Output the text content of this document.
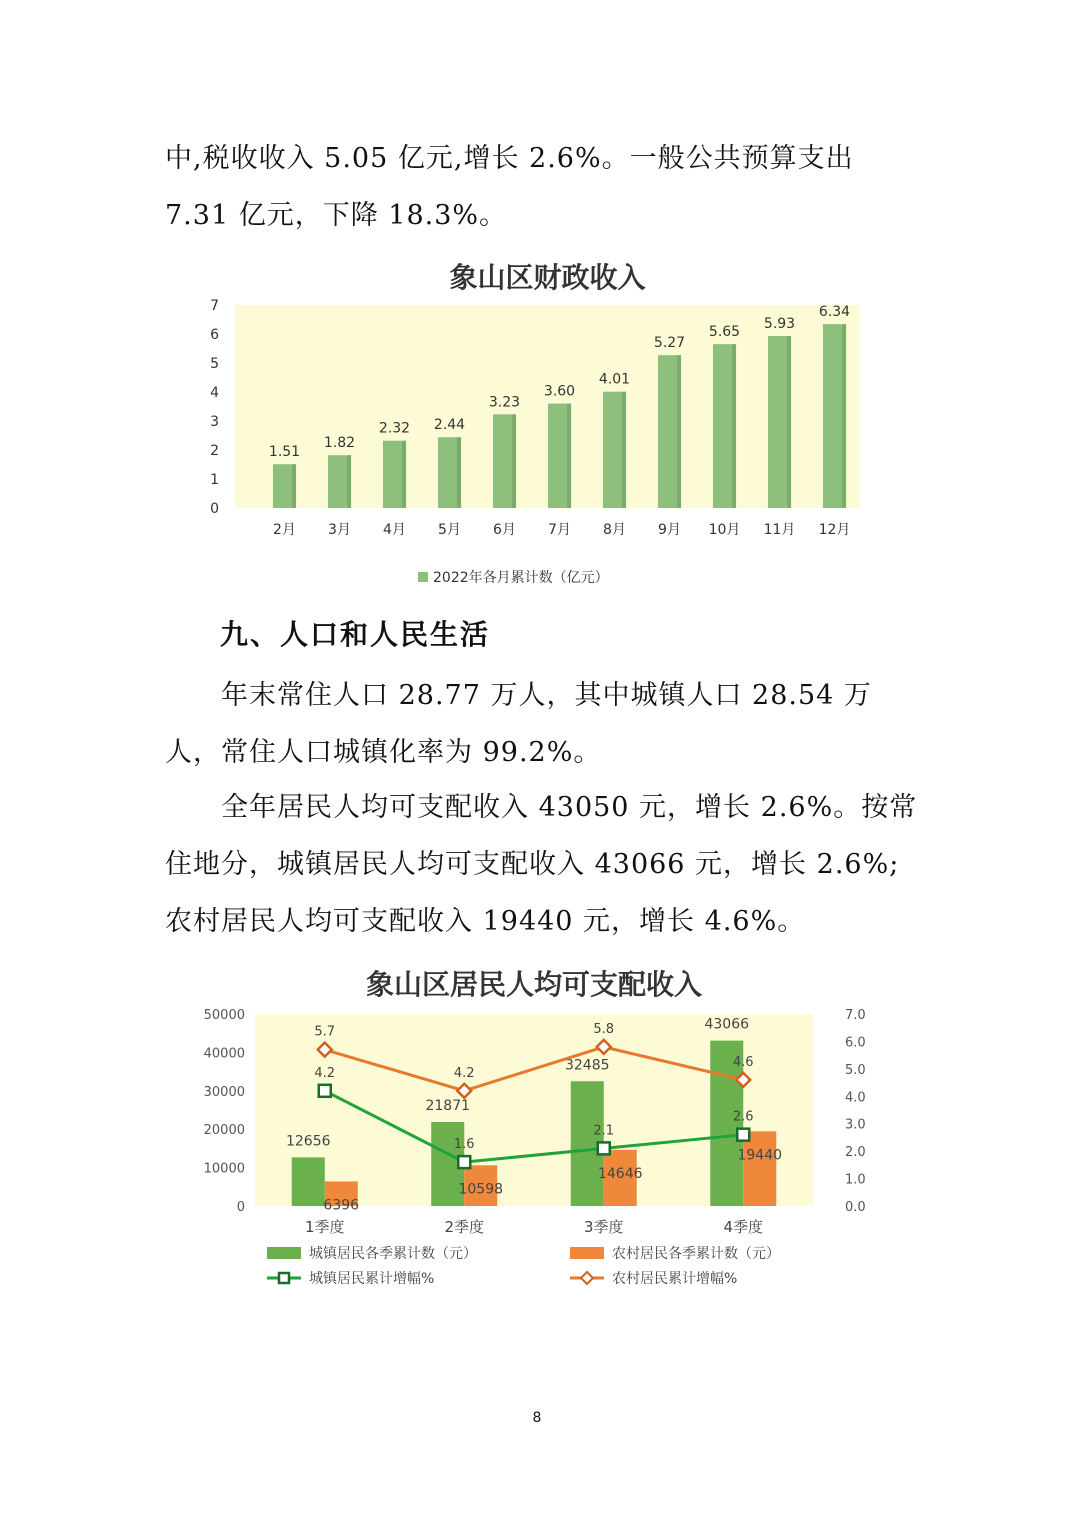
中,税收收入 5.05 亿元,增长 2.6%。一般公共预算支出 7.31 亿元，下降 18.3%。

1.51
1.82
2.32 2.44
3.23
3.60
4.01
5.27
5.65
5.93
6.34
0
1
2
3
4
5
6
7
2月 3月 4月 5月 6月 7月 8月 9月 10月 11月 12月
2022年各月累计数（亿元）
象山区财政收入

九、人口和人民生活

年末常住人口 28.77 万人，其中城镇人口 28.54 万人，常住人口城镇化率为 99.2%。

全年居民人均可支配收入 43050 元，增长 2.6%。按常住地分，城镇居民人均可支配收入 43066 元，增长 2.6%; 农村居民人均可支配收入 19440 元，增长 4.6%。

12656
6396
21871
10598
32485
14646
43066
19440
4.2
1.6
2.1
2.6
5.7
4.2
5.8
4.6
0
10000
20000
30000
40000
50000
0.0
1.0
2.0
3.0
4.0
5.0
6.0
7.0
1季度	2季度	3季度	4季度
城镇居民各季累计数（元）	农村居民各季累计数（元）
城镇居民累计增幅%	农村居民累计增幅%
象山区居民人均可支配收入
8
